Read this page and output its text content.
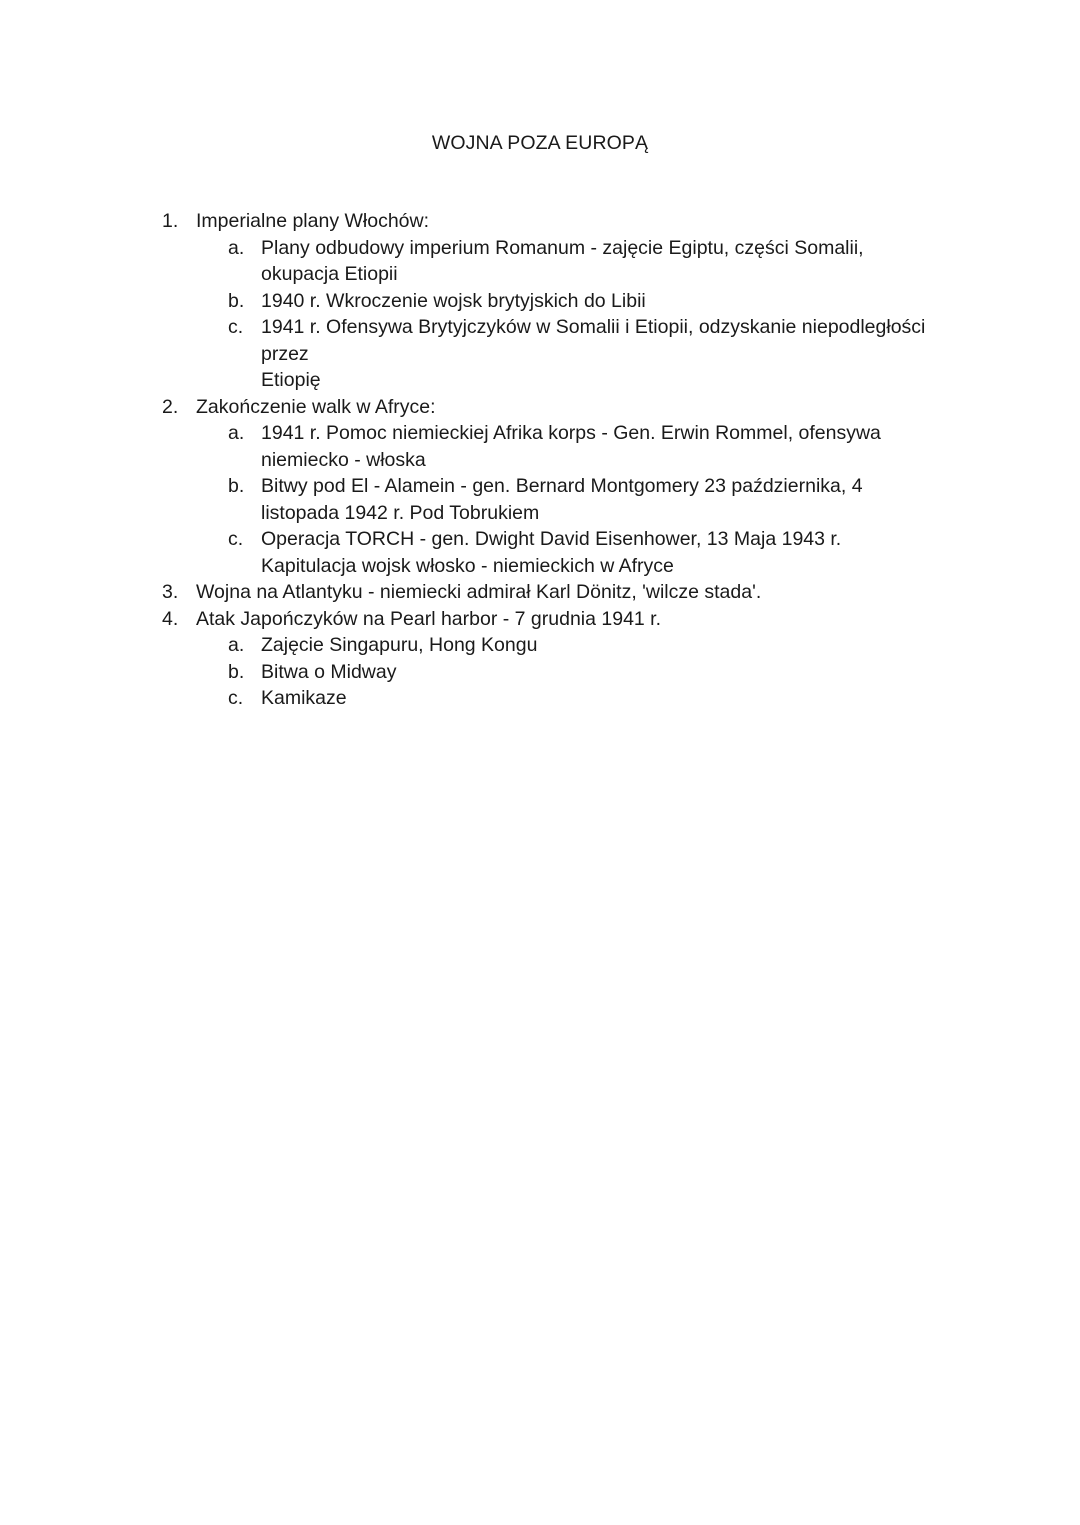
WOJNA POZA EUROPĄ
1. Imperialne plany Włochów:
a. Plany odbudowy imperium Romanum - zajęcie Egiptu, części Somalii,
okupacja Etiopii
b. 1940 r. Wkroczenie wojsk brytyjskich do Libii
c. 1941 r. Ofensywa Brytyjczyków w Somalii i Etiopii, odzyskanie niepodległości
przez
Etiopię
2. Zakończenie walk w Afryce:
a. 1941 r. Pomoc niemieckiej Afrika korps - Gen. Erwin Rommel, ofensywa
niemiecko - włoska
b. Bitwy pod El - Alamein - gen. Bernard Montgomery 23 października, 4
listopada 1942 r. Pod Tobrukiem
c. Operacja TORCH - gen. Dwight David Eisenhower, 13 Maja 1943 r.
Kapitulacja wojsk włosko - niemieckich w Afryce
3. Wojna na Atlantyku - niemiecki admirał Karl Dönitz, 'wilcze stada'.
4. Atak Japończyków na Pearl harbor - 7 grudnia 1941 r.
a. Zajęcie Singapuru, Hong Kongu
b. Bitwa o Midway
c. Kamikaze
